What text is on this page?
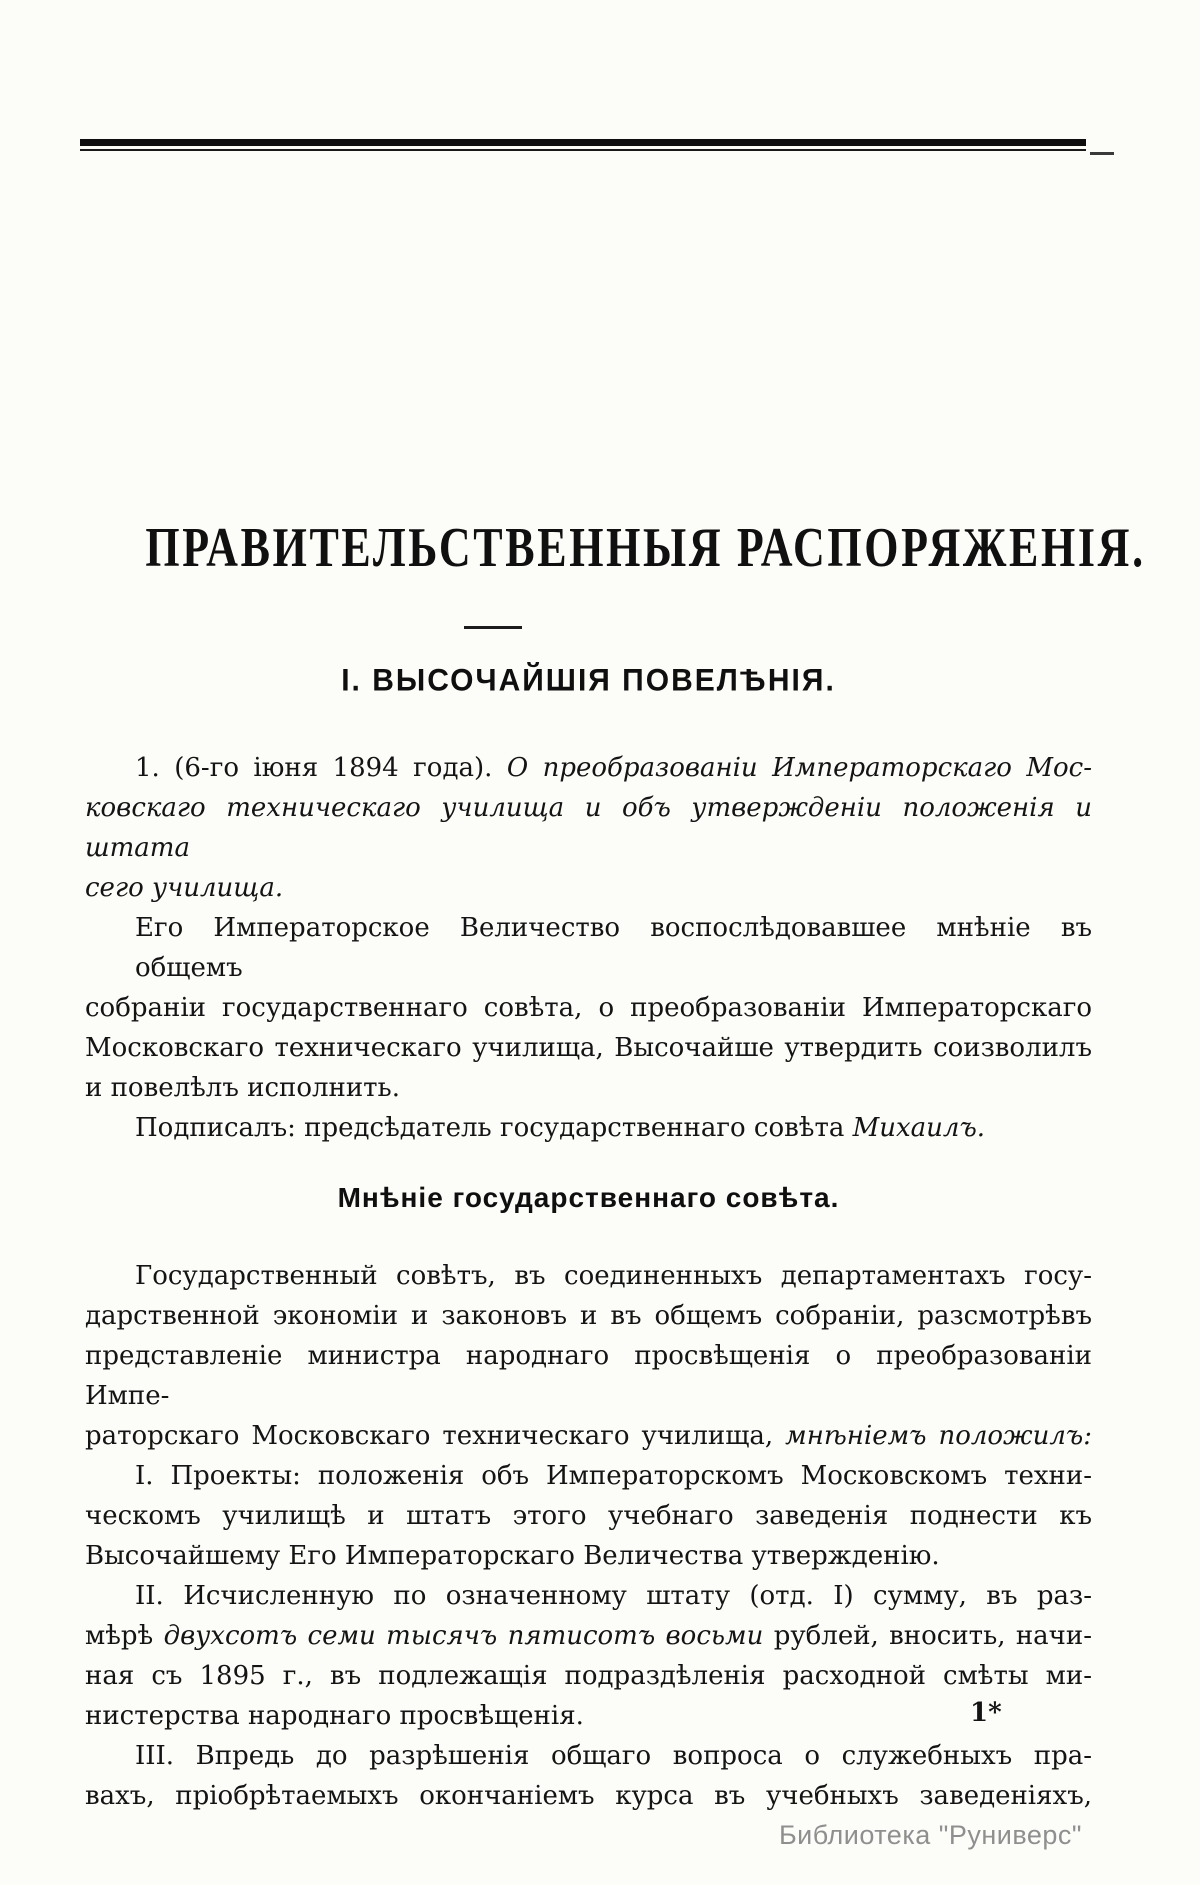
ПРАВИТЕЛЬСТВЕННЫЯ РАСПОРЯЖЕНІЯ.
І. ВЫСОЧАЙШІЯ ПОВЕЛѢНІЯ.
1. (6-го іюня 1894 года). О преобразованіи Императорскаго Мос-
ковскаго техническаго училища и объ утвержденіи положенія и штата
сего училища.
Его Императорское Величество воспослѣдовавшее мнѣніе въ общемъ
собраніи государственнаго совѣта, о преобразованіи Императорскаго
Московскаго техническаго училища, Высочайше утвердить соизволилъ
и повелѣлъ исполнить.
Подписалъ: предсѣдатель государственнаго совѣта Михаилъ.
Мнѣніе государственнаго совѣта.
Государственный совѣтъ, въ соединенныхъ департаментахъ госу-
дарственной экономіи и законовъ и въ общемъ собраніи, разсмотрѣвъ
представленіе министра народнаго просвѣщенія о преобразованіи Импе-
раторскаго Московскаго техническаго училища, мнѣніемъ положилъ:
І. Проекты: положенія объ Императорскомъ Московскомъ техни-
ческомъ училищѣ и штатъ этого учебнаго заведенія поднести къ
Высочайшему Его Императорскаго Величества утвержденію.
ІІ. Исчисленную по означенному штату (отд. І) сумму, въ раз-
мѣрѣ двухсотъ семи тысячъ пятисотъ восьми рублей, вносить, начи-
ная съ 1895 г., въ подлежащія подраздѣленія расходной смѣты ми-
нистерства народнаго просвѣщенія.
ІІІ. Впредь до разрѣшенія общаго вопроса о служебныхъ пра-
вахъ, пріобрѣтаемыхъ окончаніемъ курса въ учебныхъ заведеніяхъ,
1*
Библиотека "Руниверс"
